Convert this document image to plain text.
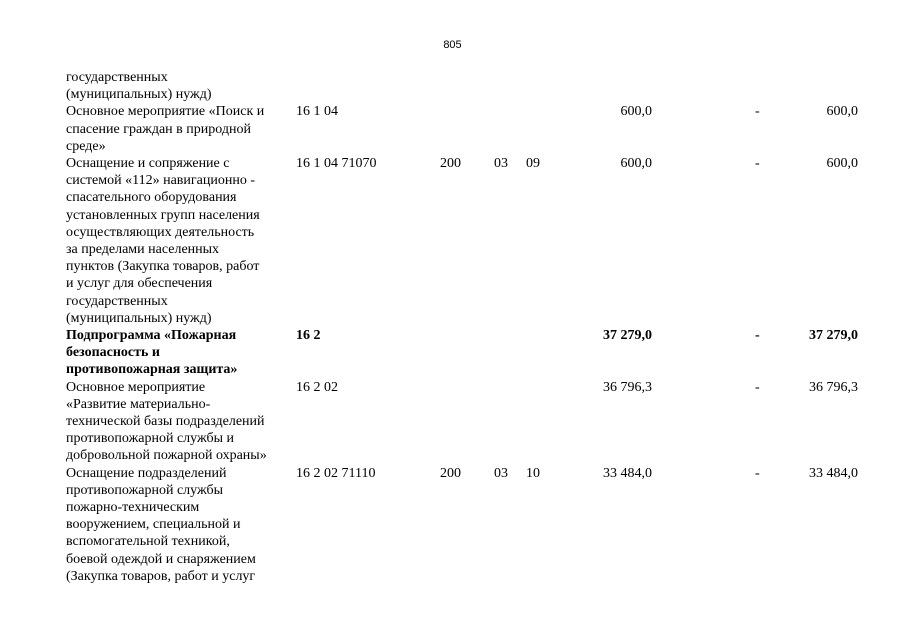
805
государственных
(муниципальных) нужд)
Основное мероприятие «Поиск и
спасение граждан в природной
среде»
16 1 04	600,0	-	600,0
Оснащение и сопряжение с
системой «112» навигационно -
спасательного оборудования
установленных групп населения
осуществляющих деятельность
за пределами населенных
пунктов (Закупка товаров, работ
и услуг для обеспечения
государственных
(муниципальных) нужд)
16 1 04 71070	200 03 09	600,0	-	600,0
Подпрограмма «Пожарная
безопасность и
противопожарная защита»
16 2	37 279,0	-	37 279,0
Основное мероприятие
«Развитие материально-
технической базы подразделений
противопожарной службы и
добровольной пожарной охраны»
16 2 02	36 796,3	-	36 796,3
Оснащение подразделений
противопожарной службы
пожарно-техническим
вооружением, специальной и
вспомогательной техникой,
боевой одеждой и снаряжением
(Закупка товаров, работ и услуг
16 2 02 71110	200 03 10	33 484,0	-	33 484,0
